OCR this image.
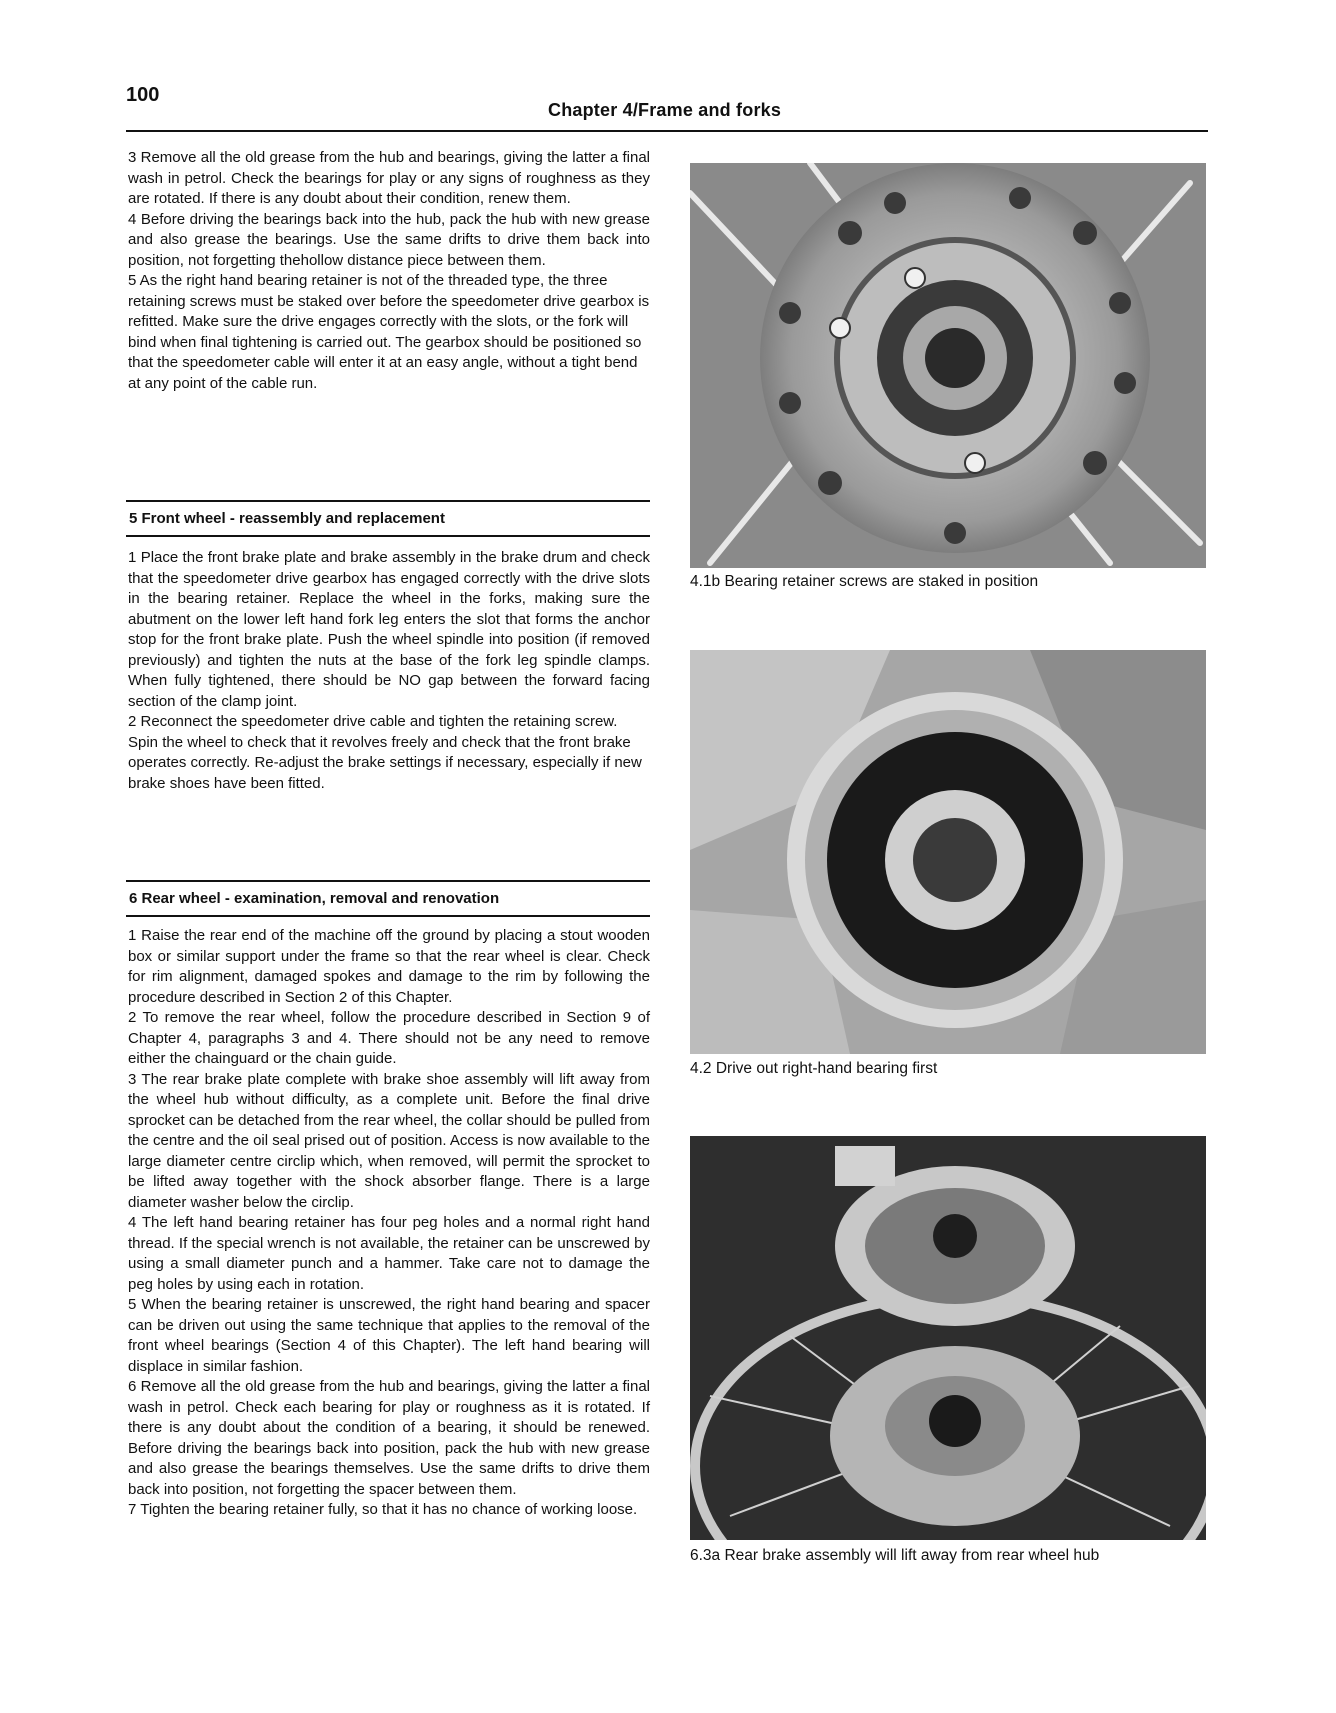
100
Chapter 4/Frame and forks

3 Remove all the old grease from the hub and bearings, giving the latter a final wash in petrol. Check the bearings for play or any signs of roughness as they are rotated. If there is any doubt about their condition, renew them.

4 Before driving the bearings back into the hub, pack the hub with new grease and also grease the bearings. Use the same drifts to drive them back into position, not forgetting thehollow distance piece between them.

5 As the right hand bearing retainer is not of the threaded type, the three retaining screws must be staked over before the speedometer drive gearbox is refitted. Make sure the drive engages correctly with the slots, or the fork will bind when final tightening is carried out. The gearbox should be positioned so that the speedometer cable will enter it at an easy angle, without a tight bend at any point of the cable run.

5 Front wheel - reassembly and replacement

1 Place the front brake plate and brake assembly in the brake drum and check that the speedometer drive gearbox has engaged correctly with the drive slots in the bearing retainer. Replace the wheel in the forks, making sure the abutment on the lower left hand fork leg enters the slot that forms the anchor stop for the front brake plate. Push the wheel spindle into position (if removed previously) and tighten the nuts at the base of the fork leg spindle clamps. When fully tightened, there should be NO gap between the forward facing section of the clamp joint.

2 Reconnect the speedometer drive cable and tighten the retaining screw. Spin the wheel to check that it revolves freely and check that the front brake operates correctly. Re-adjust the brake settings if necessary, especially if new brake shoes have been fitted.

6 Rear wheel - examination, removal and renovation

1 Raise the rear end of the machine off the ground by placing a stout wooden box or similar support under the frame so that the rear wheel is clear. Check for rim alignment, damaged spokes and damage to the rim by following the procedure described in Section 2 of this Chapter.

2 To remove the rear wheel, follow the procedure described in Section 9 of Chapter 4, paragraphs 3 and 4. There should not be any need to remove either the chainguard or the chain guide.

3 The rear brake plate complete with brake shoe assembly will lift away from the wheel hub without difficulty, as a complete unit. Before the final drive sprocket can be detached from the rear wheel, the collar should be pulled from the centre and the oil seal prised out of position. Access is now available to the large diameter centre circlip which, when removed, will permit the sprocket to be lifted away together with the shock absorber flange. There is a large diameter washer below the circlip.

4 The left hand bearing retainer has four peg holes and a normal right hand thread. If the special wrench is not available, the retainer can be unscrewed by using a small diameter punch and a hammer. Take care not to damage the peg holes by using each in rotation.

5 When the bearing retainer is unscrewed, the right hand bearing and spacer can be driven out using the same technique that applies to the removal of the front wheel bearings (Section 4 of this Chapter). The left hand bearing will displace in similar fashion.

6 Remove all the old grease from the hub and bearings, giving the latter a final wash in petrol. Check each bearing for play or roughness as it is rotated. If there is any doubt about the condition of a bearing, it should be renewed. Before driving the bearings back into position, pack the hub with new grease and also grease the bearings themselves. Use the same drifts to drive them back into position, not forgetting the spacer between them.

7 Tighten the bearing retainer fully, so that it has no chance of working loose.

4.1b Bearing retainer screws are staked in position
4.2 Drive out right-hand bearing first
6.3a Rear brake assembly will lift away from rear wheel hub
